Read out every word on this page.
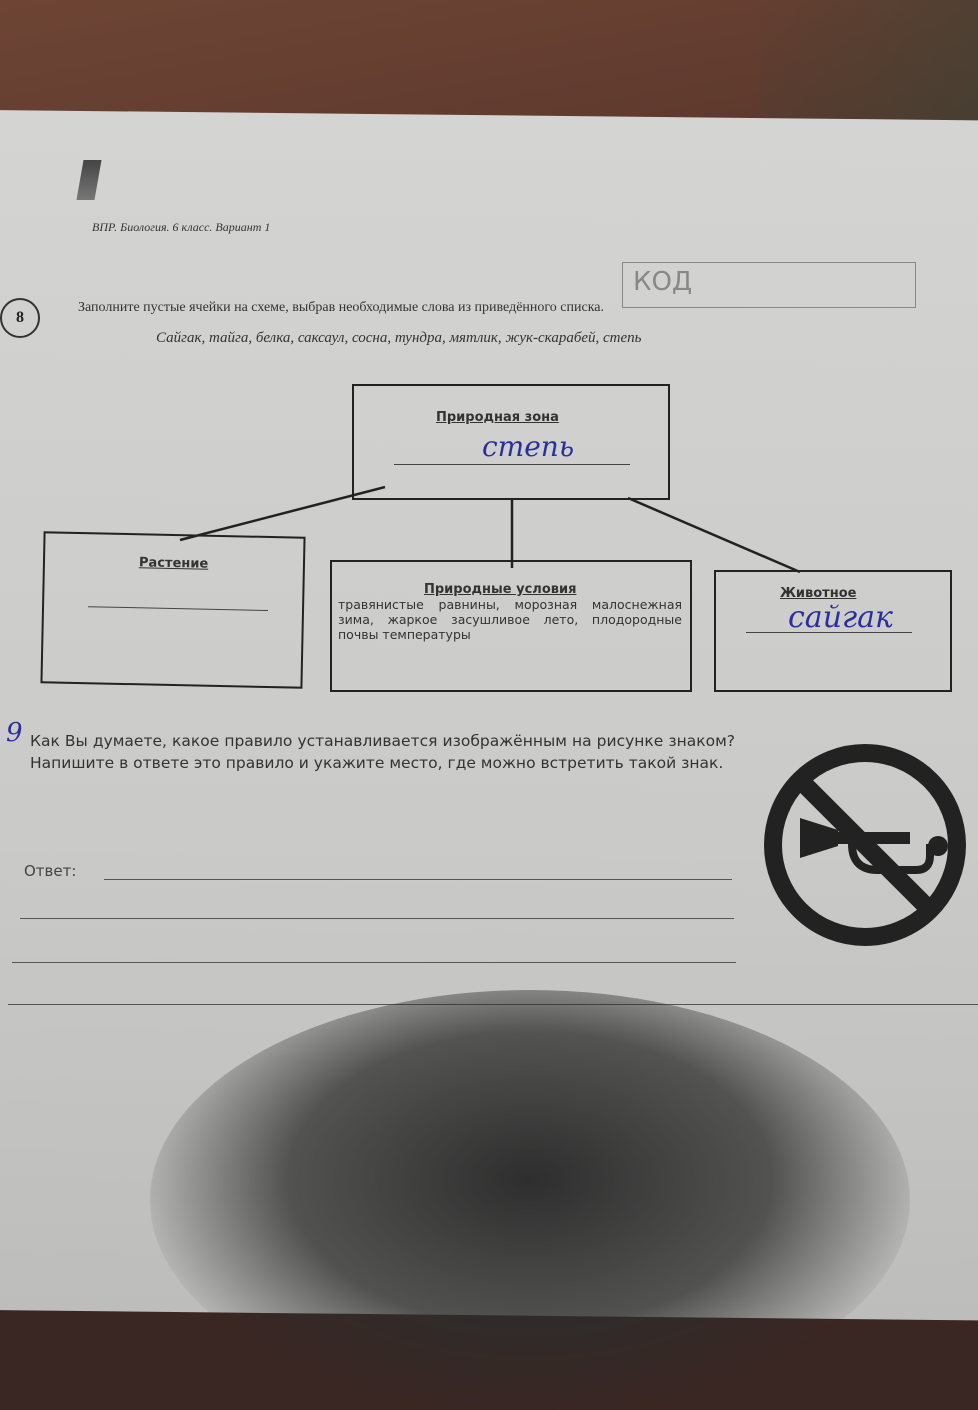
ВПР. Биология. 6 класс. Вариант 1
КОД
8
Заполните пустые ячейки на схеме, выбрав необходимые слова из приведённого списка.
Сайгак, тайга, белка, саксаул, сосна, тундра, мятлик, жук-скарабей, степь
Природная зона
степь
Растение
Природные условия
травянистые равнины, морозная малоснежная зима, жаркое засушливое лето, плодородные почвы температуры
Животное
сайгак
9 Как Вы думаете, какое правило устанавливается изображённым на рисунке знаком? Напишите в ответе это правило и укажите место, где можно встретить такой знак.
Ответ:
